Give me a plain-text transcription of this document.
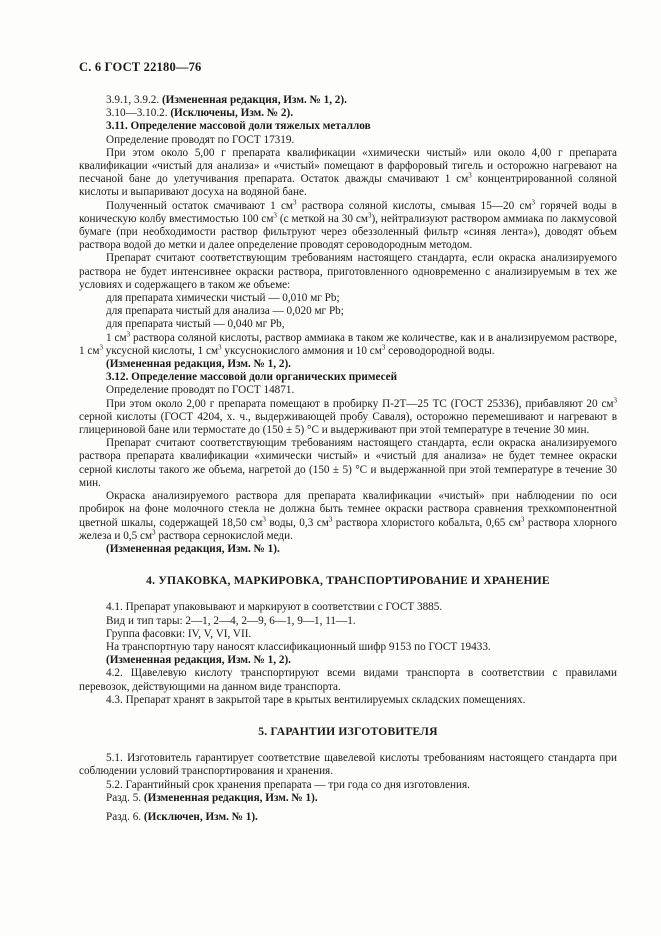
С. 6 ГОСТ 22180—76

3.9.1, 3.9.2. (Измененная редакция, Изм. № 1, 2).

3.10—3.10.2. (Исключены, Изм. № 2).

3.11. Определение массовой доли тяжелых металлов

Определение проводят по ГОСТ 17319.

При этом около 5,00 г препарата квалификации «химически чистый» или около 4,00 г препарата квалификации «чистый для анализа» и «чистый» помещают в фарфоровый тигель и осторожно нагревают на песчаной бане до улетучивания препарата. Остаток дважды смачивают 1 $см^3$ концентрированной соляной кислоты и выпаривают досуха на водяной бане.

Полученный остаток смачивают 1 $см^3$ раствора соляной кислоты, смывая 15—20 $см^3$ горячей воды в коническую колбу вместимостью 100 $см^3$ (с меткой на 30 $см^3$), нейтрализуют раствором аммиака по лакмусовой бумаге (при необходимости раствор фильтруют через обеззоленный фильтр «синяя лента»), доводят объем раствора водой до метки и далее определение проводят сероводородным методом.

Препарат считают соответствующим требованиям настоящего стандарта, если окраска анализируемого раствора не будет интенсивнее окраски раствора, приготовленного одновременно с анализируемым в тех же условиях и содержащего в таком же объеме:

для препарата химически чистый — 0,010 мг Pb;

для препарата чистый для анализа — 0,020 мг Pb;

для препарата чистый — 0,040 мг Pb,

1 $см^3$ раствора соляной кислоты, раствор аммиака в таком же количестве, как и в анализируемом растворе, 1 $см^3$ уксусной кислоты, 1 $см^3$ уксуснокислого аммония и 10 $см^3$ сероводородной воды.

(Измененная редакция, Изм. № 1, 2).

3.12. Определение массовой доли органических примесей

Определение проводят по ГОСТ 14871.

При этом около 2,00 г препарата помещают в пробирку П-2Т—25 ТС (ГОСТ 25336), прибавляют 20 $см^3$ серной кислоты (ГОСТ 4204, х. ч., выдерживающей пробу Саваля), осторожно перемешивают и нагревают в глицериновой бане или термостате до (150 ± 5) °С и выдерживают при этой температуре в течение 30 мин.

Препарат считают соответствующим требованиям настоящего стандарта, если окраска анализируемого раствора препарата квалификации «химически чистый» и «чистый для анализа» не будет темнее окраски серной кислоты такого же объема, нагретой до (150 ± 5) °С и выдержанной при этой температуре в течение 30 мин.

Окраска анализируемого раствора для препарата квалификации «чистый» при наблюдении по оси пробирок на фоне молочного стекла не должна быть темнее окраски раствора сравнения трехкомпонентной цветной шкалы, содержащей 18,50 $см^3$ воды, 0,3 $см^3$ раствора хлористого кобальта, 0,65 $см^3$ раствора хлорного железа и 0,5 $см^3$ раствора сернокислой меди.

(Измененная редакция, Изм. № 1).

4. УПАКОВКА, МАРКИРОВКА, ТРАНСПОРТИРОВАНИЕ И ХРАНЕНИЕ

4.1. Препарат упаковывают и маркируют в соответствии с ГОСТ 3885.

Вид и тип тары: 2—1, 2—4, 2—9, 6—1, 9—1, 11—1.

Группа фасовки: IV, V, VI, VII.

На транспортную тару наносят классификационный шифр 9153 по ГОСТ 19433.

(Измененная редакция, Изм. № 1, 2).

4.2. Щавелевую кислоту транспортируют всеми видами транспорта в соответствии с правилами перевозок, действующими на данном виде транспорта.

4.3. Препарат хранят в закрытой таре в крытых вентилируемых складских помещениях.

5. ГАРАНТИИ ИЗГОТОВИТЕЛЯ

5.1. Изготовитель гарантирует соответствие щавелевой кислоты требованиям настоящего стандарта при соблюдении условий транспортирования и хранения.

5.2. Гарантийный срок хранения препарата — три года со дня изготовления.

Разд. 5. (Измененная редакция, Изм. № 1).

Разд. 6. (Исключен, Изм. № 1).
